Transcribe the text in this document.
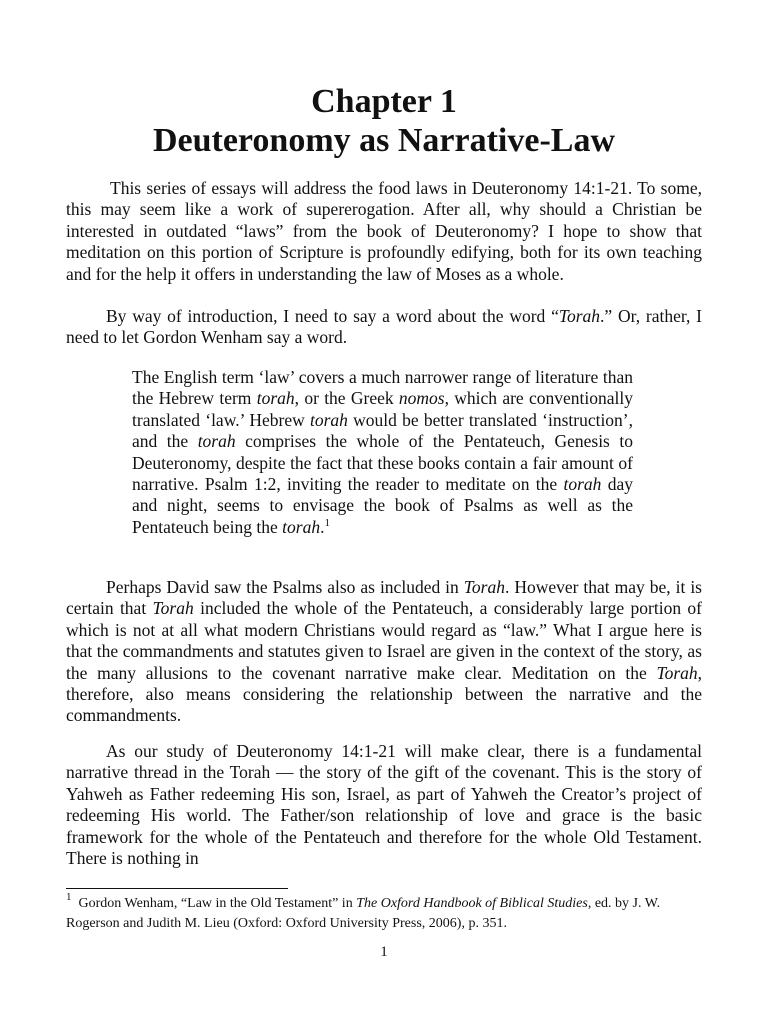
Chapter 1
Deuteronomy as Narrative-Law

This series of essays will address the food laws in Deuteronomy 14:1-21. To some, this may seem like a work of supererogation. After all, why should a Christian be interested in outdated “laws” from the book of Deuteronomy? I hope to show that meditation on this portion of Scripture is profoundly edifying, both for its own teaching and for the help it offers in understanding the law of Moses as a whole.

By way of introduction, I need to say a word about the word “Torah.” Or, rather, I need to let Gordon Wenham say a word.

The English term ‘law’ covers a much narrower range of literature than the Hebrew term torah, or the Greek nomos, which are conventionally translated ‘law.’ Hebrew torah would be better translated ‘instruction’, and the torah comprises the whole of the Pentateuch, Genesis to Deuteronomy, despite the fact that these books contain a fair amount of narrative. Psalm 1:2, inviting the reader to meditate on the torah day and night, seems to envisage the book of Psalms as well as the Pentateuch being the torah.$^1$

Perhaps David saw the Psalms also as included in Torah. However that may be, it is certain that Torah included the whole of the Pentateuch, a considerably large portion of which is not at all what modern Christians would regard as “law.” What I argue here is that the commandments and statutes given to Israel are given in the context of the story, as the many allusions to the covenant narrative make clear. Meditation on the Torah, therefore, also means considering the relationship between the narrative and the commandments.

As our study of Deuteronomy 14:1-21 will make clear, there is a fundamental narrative thread in the Torah — the story of the gift of the covenant. This is the story of Yahweh as Father redeeming His son, Israel, as part of Yahweh the Creator’s project of redeeming His world. The Father/son relationship of love and grace is the basic framework for the whole of the Pentateuch and therefore for the whole Old Testament. There is nothing in

$^1$ Gordon Wenham, “Law in the Old Testament” in The Oxford Handbook of Biblical Studies, ed. by J. W. Rogerson and Judith M. Lieu (Oxford: Oxford University Press, 2006), p. 351.

1
